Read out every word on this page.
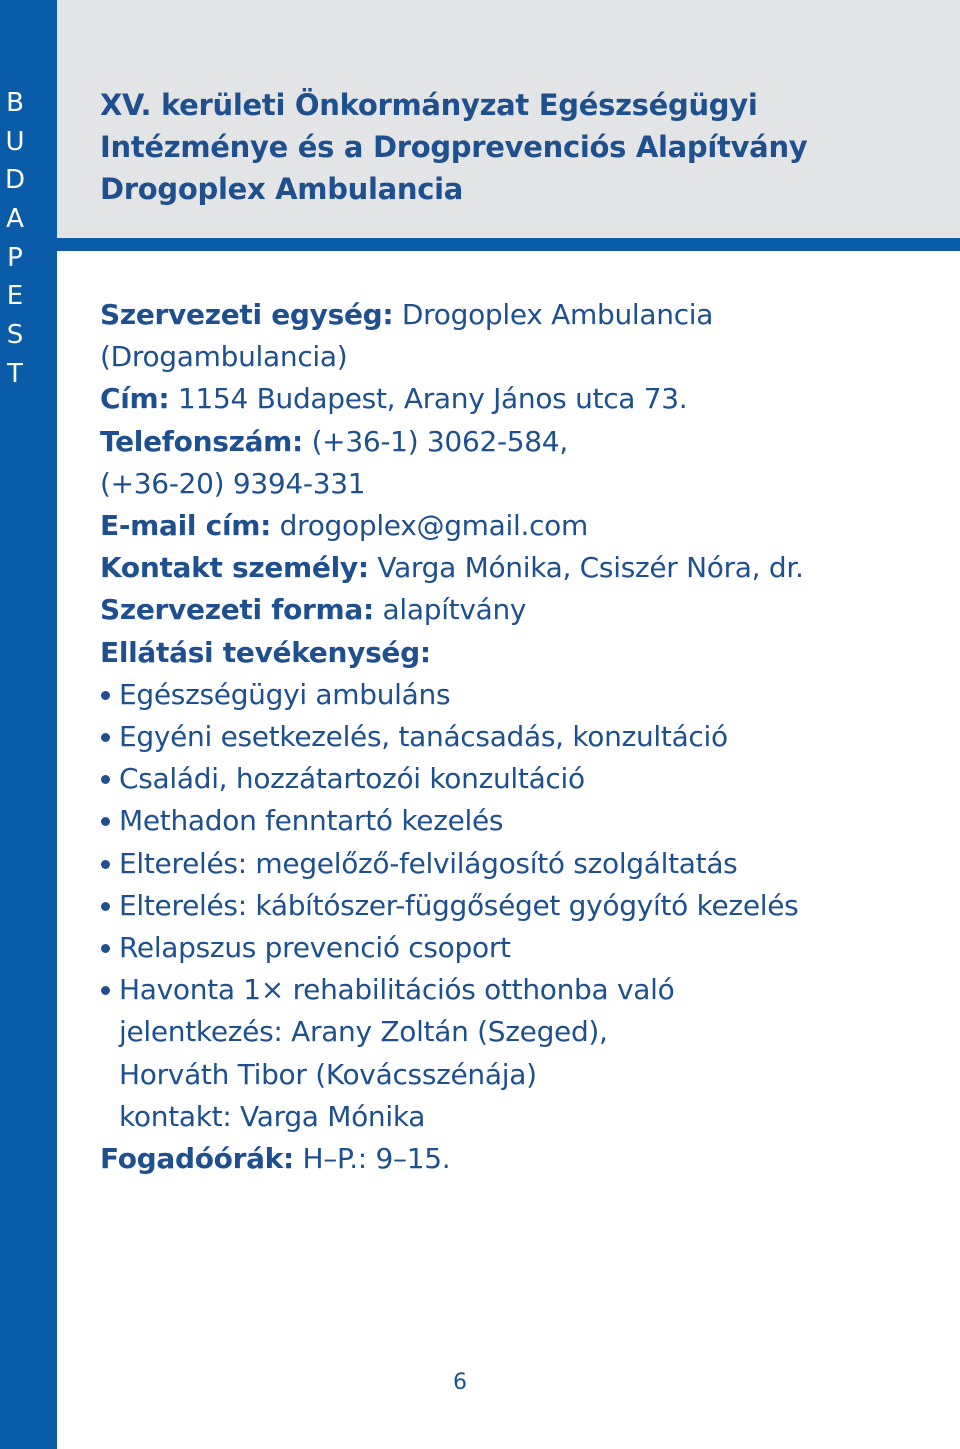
B
U
D
A
P
E
S
T
XV. kerületi Önkormányzat Egészségügyi
Intézménye és a Drogprevenciós Alapítvány
Drogoplex Ambulancia
Szervezeti egység: Drogoplex Ambulancia
(Drogambulancia)
Cím: 1154 Budapest, Arany János utca 73.
Telefonszám: (+36-1) 3062-584,
(+36-20) 9394-331
E-mail cím: drogoplex@gmail.com
Kontakt személy: Varga Mónika, Csiszér Nóra, dr.
Szervezeti forma: alapítvány
Ellátási tevékenység:
Egészségügyi ambuláns
Egyéni esetkezelés, tanácsadás, konzultáció
Családi, hozzátartozói konzultáció
Methadon fenntartó kezelés
Elterelés: megelőző-felvilágosító szolgáltatás
Elterelés: kábítószer-függőséget gyógyító kezelés
Relapszus prevenció csoport
Havonta 1× rehabilitációs otthonba való
jelentkezés: Arany Zoltán (Szeged),
Horváth Tibor (Kovácsszénája)
kontakt: Varga Mónika
Fogadóórák: H–P.: 9–15.
6
